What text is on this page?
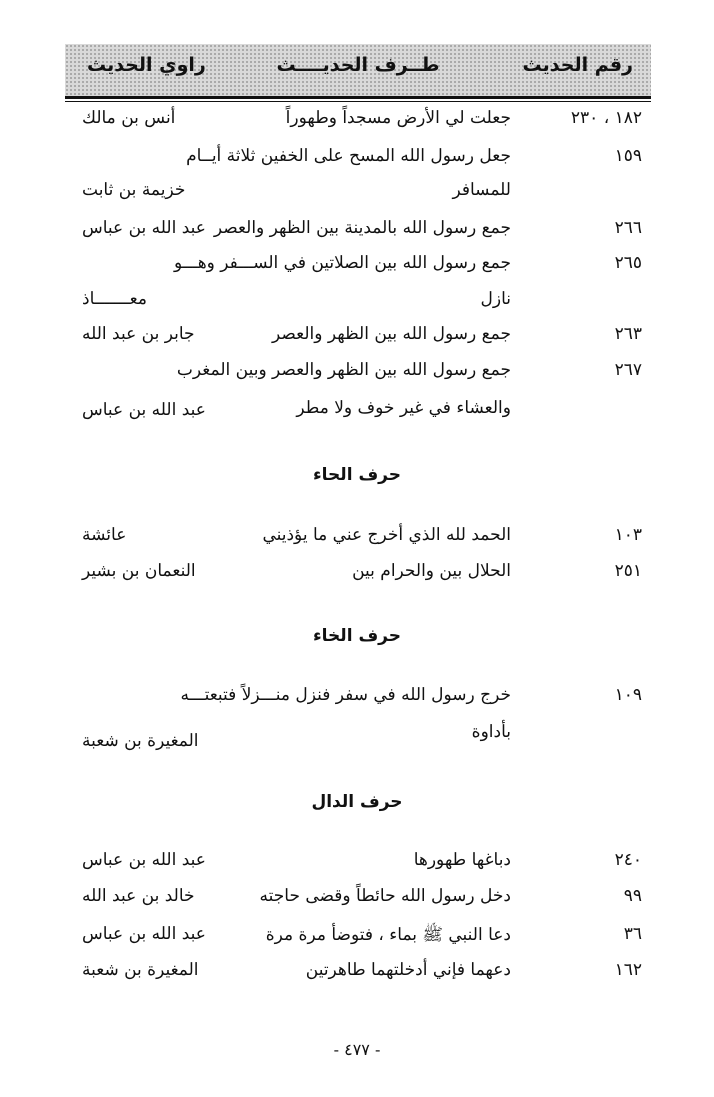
رقم الحديث
طــرف الحديــــث
راوي الحديث
١٨٢ ، ٢٣٠
جعلت لي الأرض مسجداً وطهوراً
أنس بن مالك
١٥٩
جعل رسول الله المسح على الخفين ثلاثة أيــام
للمسافر
خزيمة بن ثابت
٢٦٦
جمع رسول الله بالمدينة بين الظهر والعصر
عبد الله بن عباس
٢٦٥
جمع رسول الله بين الصلاتين في الســـفر وهـــو
نازل
معـــــــاذ
٢٦٣
جمع رسول الله بين الظهر والعصر
جابر بن عبد الله
٢٦٧
جمع رسول الله بين الظهر والعصر وبين المغرب
والعشاء في غير خوف ولا مطر
عبد الله بن عباس
حرف الحاء
١٠٣
الحمد لله الذي أخرج عني ما يؤذيني
عائشة
٢٥١
الحلال بين والحرام بين
النعمان بن بشير
حرف الخاء
١٠٩
خرج رسول الله في سفر فنزل منـــزلاً فتبعتـــه
بأداوة
المغيرة بن شعبة
حرف الدال
٢٤٠
دباغها طهورها
عبد الله بن عباس
٩٩
دخل رسول الله حائطاً وقضى حاجته
خالد بن عبد الله
٣٦
دعا النبي ﷺ بماء ، فتوضأ مرة مرة
عبد الله بن عباس
١٦٢
دعهما فإني أدخلتهما طاهرتين
المغيرة بن شعبة
- ٤٧٧ -
